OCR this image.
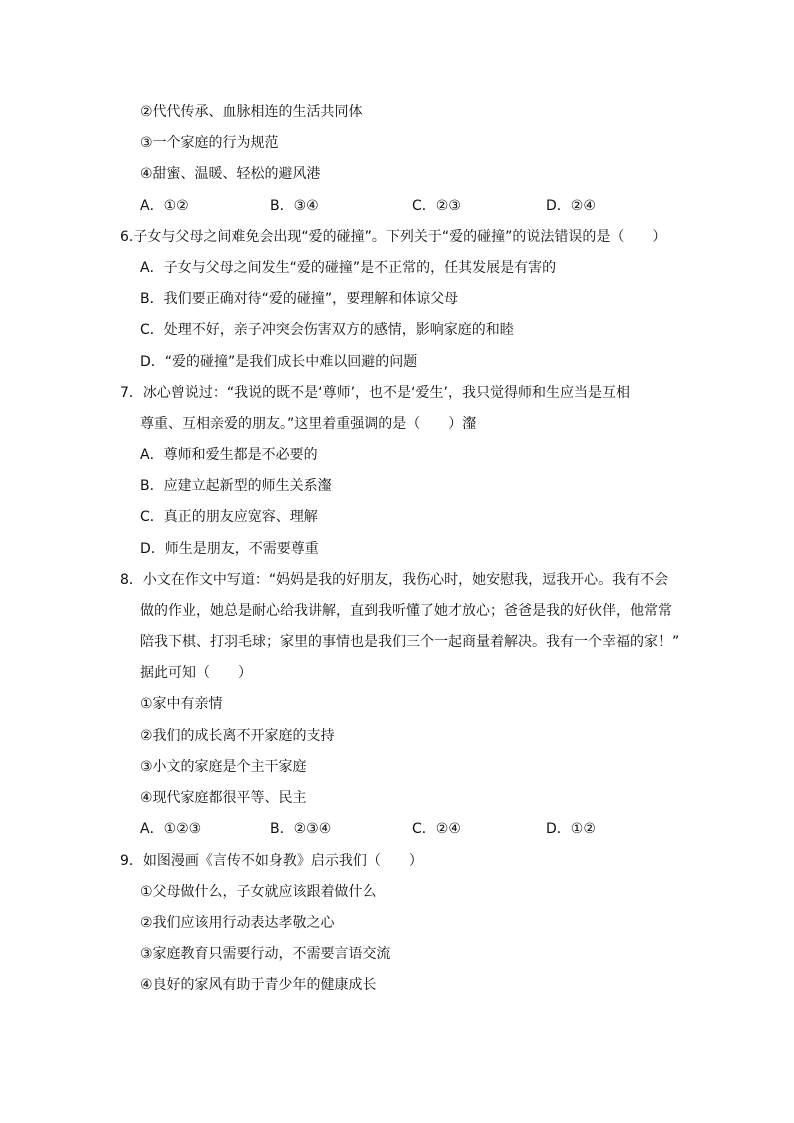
②代代传承、血脉相连的生活共同体
③一个家庭的行为规范
④甜蜜、温暖、轻松的避风港
A．①②	B．③④	C．②③	D．②④
6.子女与父母之间难免会出现“爱的碰撞”。下列关于“爱的碰撞”的说法错误的是（　　）
A．子女与父母之间发生“爱的碰撞”是不正常的，任其发展是有害的
B．我们要正确对待“爱的碰撞”，要理解和体谅父母
C．处理不好，亲子冲突会伤害双方的感情，影响家庭的和睦
D．“爱的碰撞”是我们成长中难以回避的问题
7．冰心曾说过：“我说的既不是‘尊师’，也不是‘爱生’，我只觉得师和生应当是互相
尊重、互相亲爱的朋友。”这里着重强调的是（　　）瀣
A．尊师和爱生都是不必要的
B．应建立起新型的师生关系瀣
C．真正的朋友应宽容、理解
D．师生是朋友，不需要尊重
8．小文在作文中写道：“妈妈是我的好朋友，我伤心时，她安慰我，逗我开心。我有不会
做的作业，她总是耐心给我讲解，直到我听懂了她才放心；爸爸是我的好伙伴，他常常
陪我下棋、打羽毛球；家里的事情也是我们三个一起商量着解决。我有一个幸福的家！”
据此可知（　　）
①家中有亲情
②我们的成长离不开家庭的支持
③小文的家庭是个主干家庭
④现代家庭都很平等、民主
A．①②③	B．②③④	C．②④	D．①②
9．如图漫画《言传不如身教》启示我们（　　）
①父母做什么，子女就应该跟着做什么
②我们应该用行动表达孝敬之心
③家庭教育只需要行动，不需要言语交流
④良好的家风有助于青少年的健康成长
